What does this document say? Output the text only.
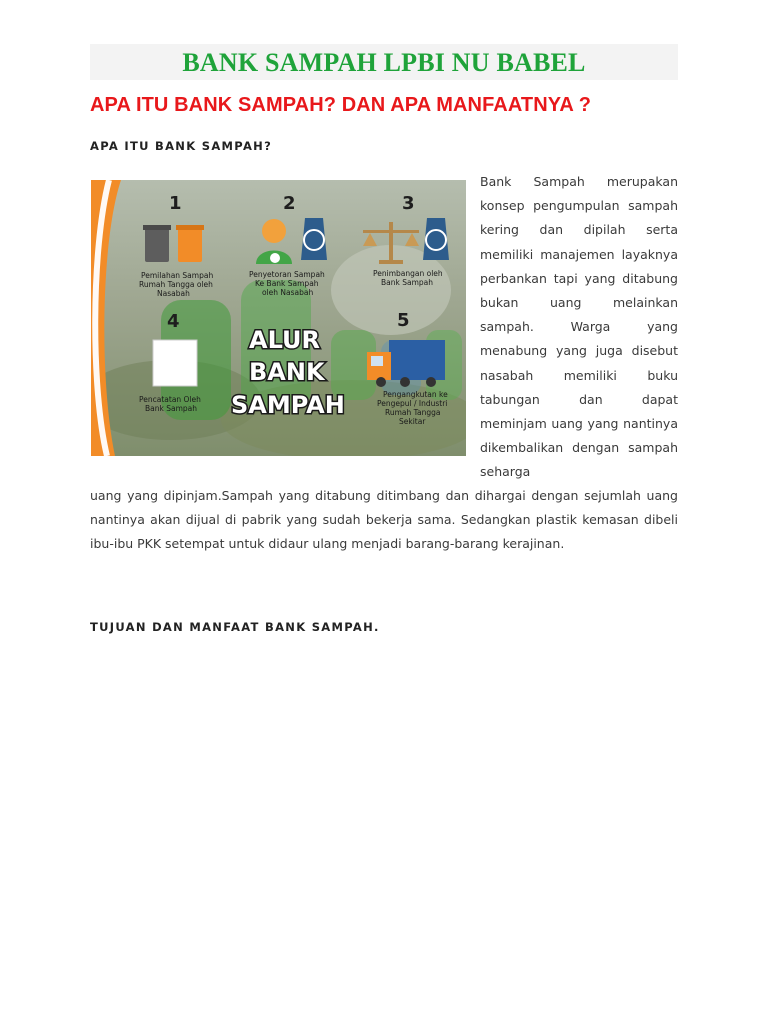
BANK SAMPAH LPBI NU BABEL
APA ITU BANK SAMPAH? DAN APA MANFAATNYA ?
APA ITU BANK SAMPAH?
1
Pemilahan Sampah
Rumah Tangga oleh
Nasabah
2
Penyetoran Sampah
Ke Bank Sampah
oleh Nasabah
3
Penimbangan oleh
Bank Sampah
4
Pencatatan Oleh
Bank Sampah
5
Pengangkutan ke
Pengepul / Industri
Rumah Tangga
Sekitar
ALUR
BANK
SAMPAH
Bank Sampah merupakan konsep pengumpulan sampah kering dan dipilah serta memiliki manajemen layaknya perbankan tapi yang ditabung bukan uang melainkan sampah. Warga yang menabung yang juga disebut nasabah memiliki buku tabungan dan dapat meminjam uang yang nantinya dikembalikan dengan sampah seharga
uang yang dipinjam.Sampah yang ditabung ditimbang dan dihargai dengan sejumlah uang nantinya akan dijual di pabrik yang sudah bekerja sama. Sedangkan plastik kemasan dibeli ibu-ibu PKK setempat untuk didaur ulang menjadi barang-barang kerajinan.
TUJUAN DAN MANFAAT BANK SAMPAH.
